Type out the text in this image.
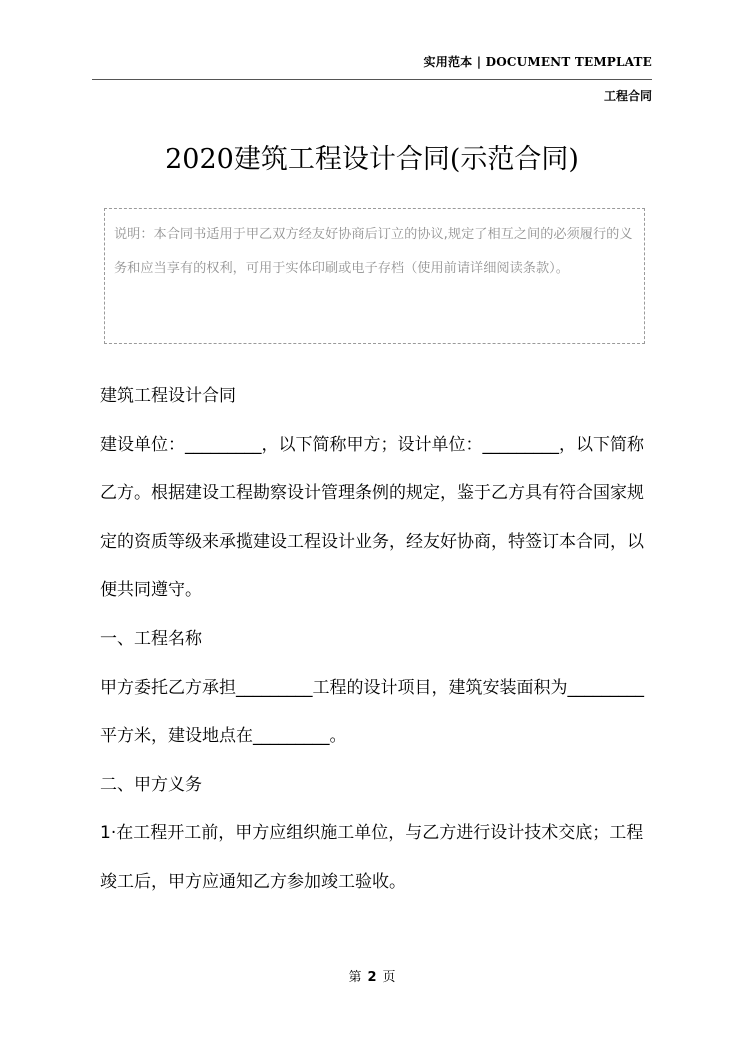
实用范本 | DOCUMENT TEMPLATE
工程合同
2020建筑工程设计合同(示范合同)
说明：本合同书适用于甲乙双方经友好协商后订立的协议,规定了相互之间的必须履行的义务和应当享有的权利，可用于实体印刷或电子存档（使用前请详细阅读条款）。

建筑工程设计合同

建设单位：_________，以下简称甲方；设计单位：_________，以下简称乙方。根据建设工程勘察设计管理条例的规定，鉴于乙方具有符合国家规定的资质等级来承揽建设工程设计业务，经友好协商，特签订本合同，以便共同遵守。

一、工程名称

甲方委托乙方承担_________工程的设计项目，建筑安装面积为_________平方米，建设地点在_________。

二、甲方义务

1·在工程开工前，甲方应组织施工单位，与乙方进行设计技术交底；工程竣工后，甲方应通知乙方参加竣工验收。

第 2 页
